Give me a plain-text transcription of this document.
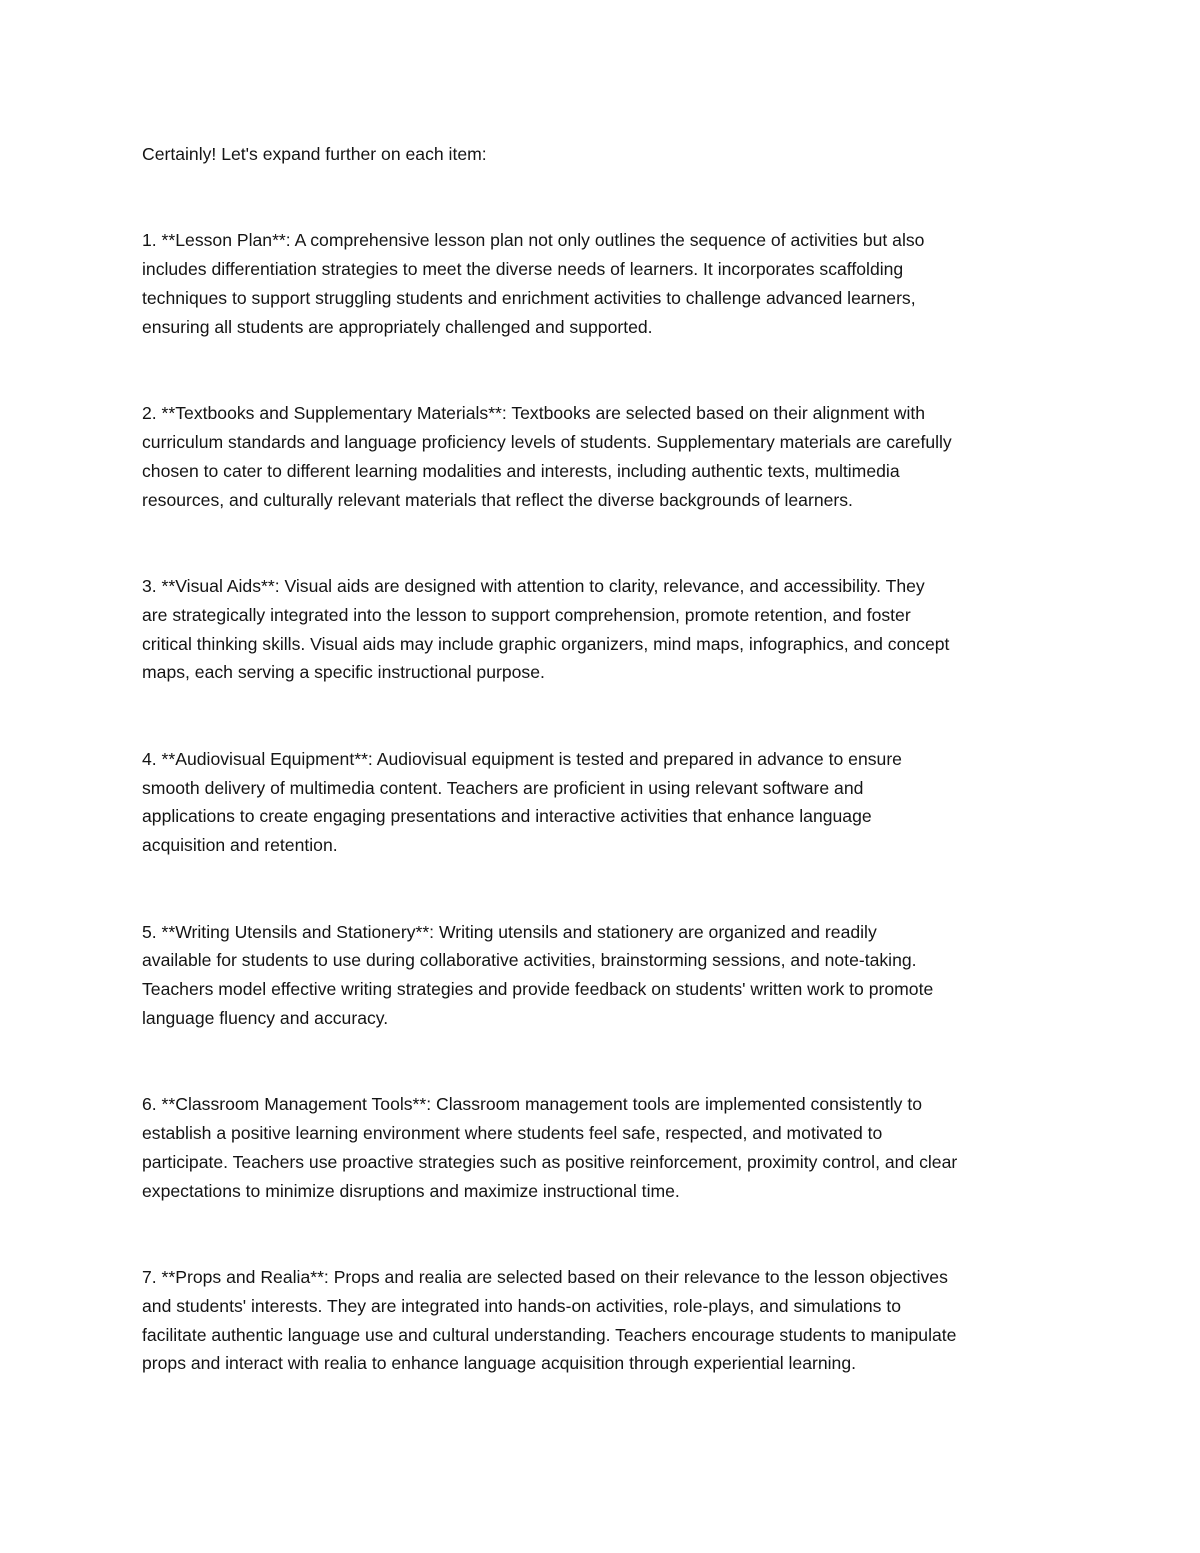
Certainly! Let's expand further on each item:

1. **Lesson Plan**: A comprehensive lesson plan not only outlines the sequence of activities but also

includes differentiation strategies to meet the diverse needs of learners. It incorporates scaffolding

techniques to support struggling students and enrichment activities to challenge advanced learners,

ensuring all students are appropriately challenged and supported.

2. **Textbooks and Supplementary Materials**: Textbooks are selected based on their alignment with

curriculum standards and language proficiency levels of students. Supplementary materials are carefully

chosen to cater to different learning modalities and interests, including authentic texts, multimedia

resources, and culturally relevant materials that reflect the diverse backgrounds of learners.

3. **Visual Aids**: Visual aids are designed with attention to clarity, relevance, and accessibility. They

are strategically integrated into the lesson to support comprehension, promote retention, and foster

critical thinking skills. Visual aids may include graphic organizers, mind maps, infographics, and concept

maps, each serving a specific instructional purpose.

4. **Audiovisual Equipment**: Audiovisual equipment is tested and prepared in advance to ensure

smooth delivery of multimedia content. Teachers are proficient in using relevant software and

applications to create engaging presentations and interactive activities that enhance language

acquisition and retention.

5. **Writing Utensils and Stationery**: Writing utensils and stationery are organized and readily

available for students to use during collaborative activities, brainstorming sessions, and note-taking.

Teachers model effective writing strategies and provide feedback on students' written work to promote

language fluency and accuracy.

6. **Classroom Management Tools**: Classroom management tools are implemented consistently to

establish a positive learning environment where students feel safe, respected, and motivated to

participate. Teachers use proactive strategies such as positive reinforcement, proximity control, and clear

expectations to minimize disruptions and maximize instructional time.

7. **Props and Realia**: Props and realia are selected based on their relevance to the lesson objectives

and students' interests. They are integrated into hands-on activities, role-plays, and simulations to

facilitate authentic language use and cultural understanding. Teachers encourage students to manipulate

props and interact with realia to enhance language acquisition through experiential learning.
